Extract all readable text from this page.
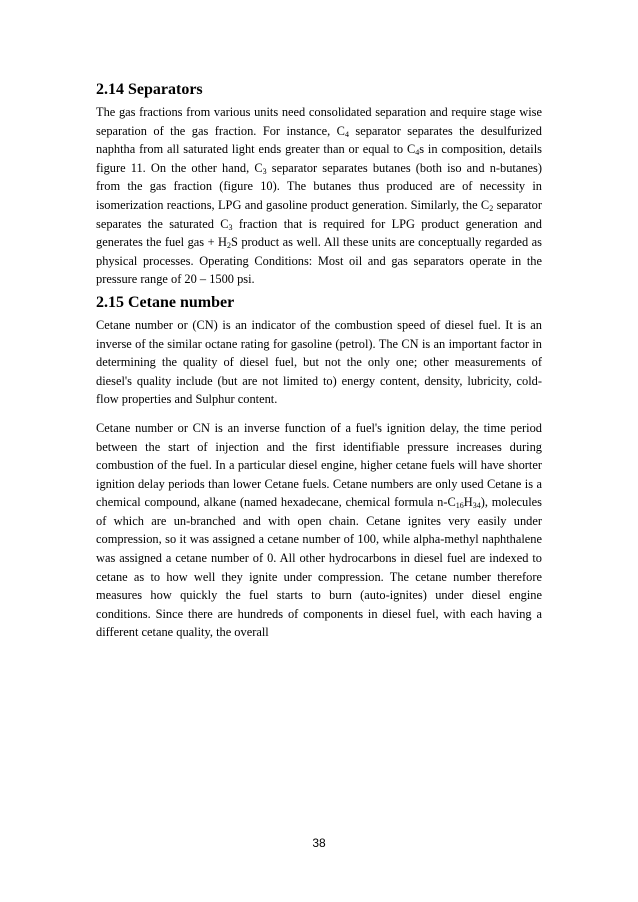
2.14 Separators

The gas fractions from various units need consolidated separation and require stage wise separation of the gas fraction. For instance, $C_4$ separator separates the desulfurized naphtha from all saturated light ends greater than or equal to $C_4s$ in composition, details figure 11. On the other hand, $C_3$ separator separates butanes (both iso and n-butanes) from the gas fraction (figure 10). The butanes thus produced are of necessity in isomerization reactions, LPG and gasoline product generation. Similarly, the $C_2$ separator separates the saturated $C_3$ fraction that is required for LPG product generation and generates the fuel gas + $H_2S$ product as well. All these units are conceptually regarded as physical processes. Operating Conditions: Most oil and gas separators operate in the pressure range of 20 – 1500 psi.

2.15 Cetane number

Cetane number or (CN) is an indicator of the combustion speed of diesel fuel. It is an inverse of the similar octane rating for gasoline (petrol). The CN is an important factor in determining the quality of diesel fuel, but not the only one; other measurements of diesel's quality include (but are not limited to) energy content, density, lubricity, cold-flow properties and Sulphur content.

Cetane number or CN is an inverse function of a fuel's ignition delay, the time period between the start of injection and the first identifiable pressure increases during combustion of the fuel. In a particular diesel engine, higher cetane fuels will have shorter ignition delay periods than lower Cetane fuels. Cetane numbers are only used Cetane is a chemical compound, alkane (named hexadecane, chemical formula $n-C_{16}H_{34}$), molecules of which are un-branched and with open chain. Cetane ignites very easily under compression, so it was assigned a cetane number of 100, while alpha-methyl naphthalene was assigned a cetane number of 0. All other hydrocarbons in diesel fuel are indexed to cetane as to how well they ignite under compression. The cetane number therefore measures how quickly the fuel starts to burn (auto-ignites) under diesel engine conditions. Since there are hundreds of components in diesel fuel, with each having a different cetane quality, the overall

38
